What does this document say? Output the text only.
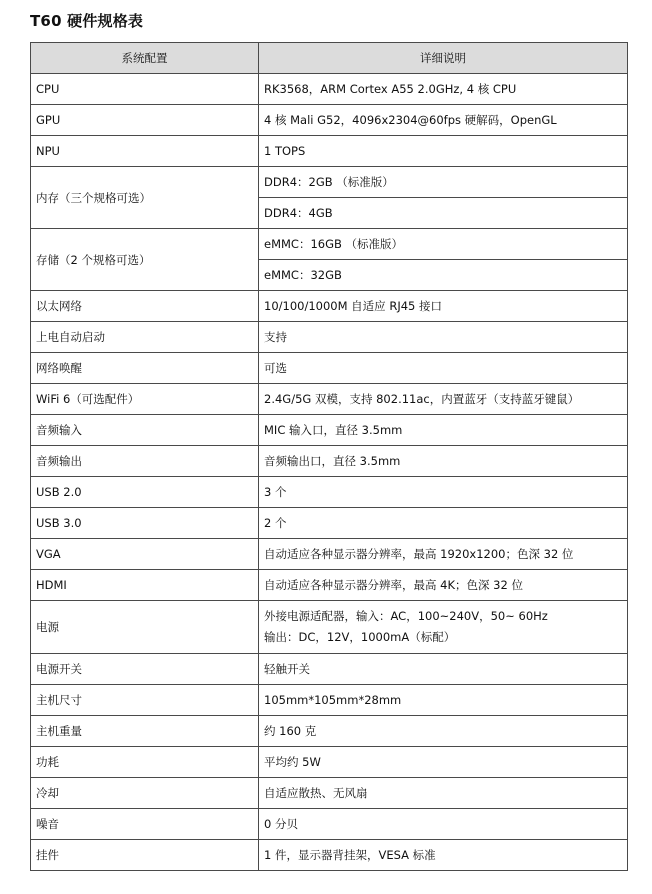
T60 硬件规格表
系统配置	详细说明
CPU	RK3568，ARM Cortex A55 2.0GHz, 4 核 CPU
GPU	4 核 Mali G52，4096x2304@60fps 硬解码，OpenGL
NPU	1 TOPS
内存（三个规格可选）	DDR4：2GB （标准版）
	DDR4：4GB
存储（2 个规格可选）	eMMC：16GB （标准版）
	eMMC：32GB
以太网络	10/100/1000M 自适应 RJ45 接口
上电自动启动	支持
网络唤醒	可选
WiFi 6（可选配件）	2.4G/5G 双模，支持 802.11ac，内置蓝牙（支持蓝牙键鼠）
音频输入	MIC 输入口，直径 3.5mm
音频输出	音频输出口，直径 3.5mm
USB 2.0	3 个
USB 3.0	2 个
VGA	自动适应各种显示器分辨率，最高 1920x1200；色深 32 位
HDMI	自动适应各种显示器分辨率，最高 4K；色深 32 位
电源	外接电源适配器，输入：AC，100~240V，50~ 60Hz
输出：DC，12V，1000mA（标配）

电源开关	轻触开关
主机尺寸	105mm*105mm*28mm
主机重量	约 160 克
功耗	平均约 5W
冷却	自适应散热、无风扇
噪音	0 分贝
挂件	1 件，显示器背挂架，VESA 标准
